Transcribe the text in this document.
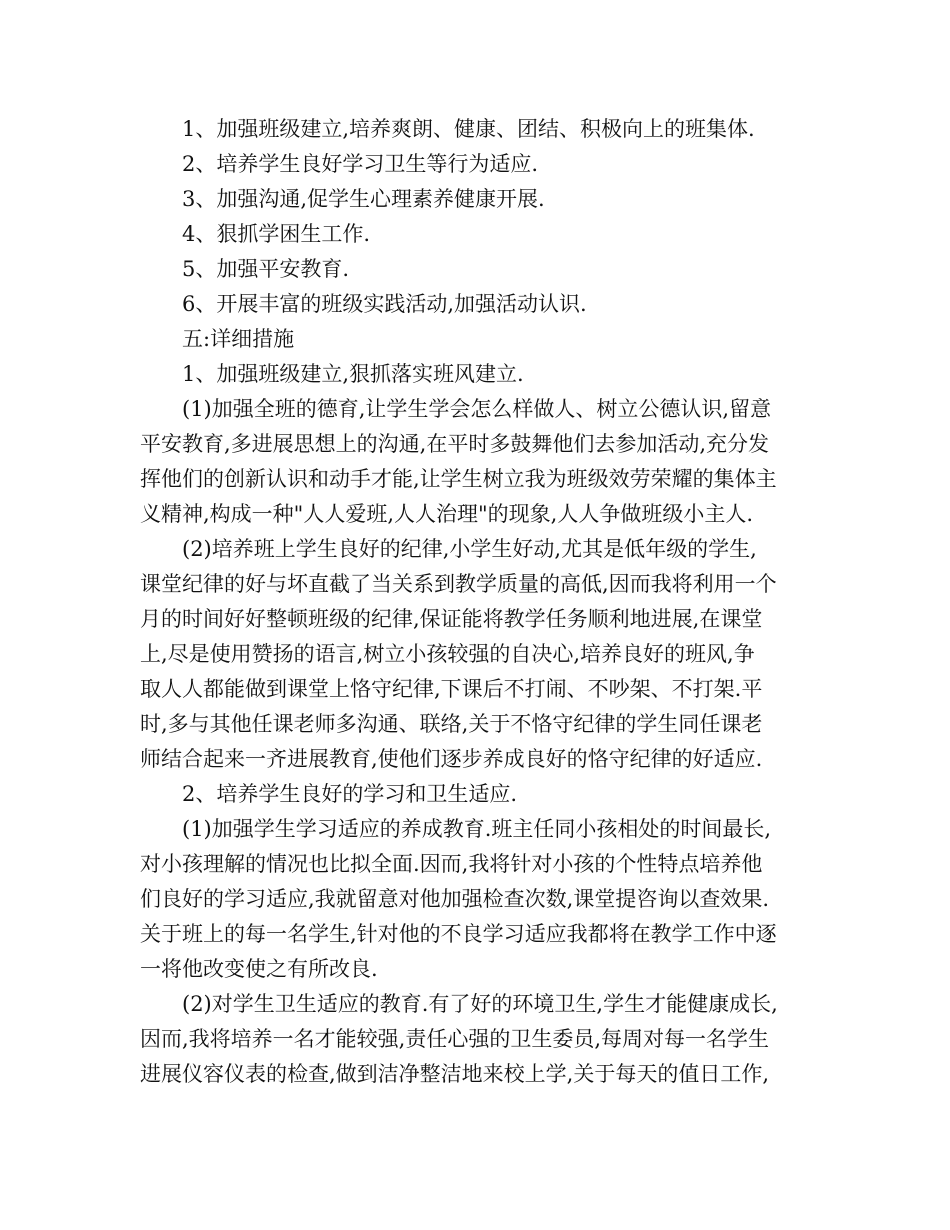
1、加强班级建立,培养爽朗、健康、团结、积极向上的班集体.

2、培养学生良好学习卫生等行为适应.

3、加强沟通,促学生心理素养健康开展.

4、狠抓学困生工作.

5、加强平安教育.

6、开展丰富的班级实践活动,加强活动认识.

五:详细措施

1、加强班级建立,狠抓落实班风建立.

(1)加强全班的德育,让学生学会怎么样做人、树立公德认识,留意
平安教育,多进展思想上的沟通,在平时多鼓舞他们去参加活动,充分发
挥他们的创新认识和动手才能,让学生树立我为班级效劳荣耀的集体主
义精神,构成一种"人人爱班,人人治理"的现象,人人争做班级小主人.

(2)培养班上学生良好的纪律,小学生好动,尤其是低年级的学生,
课堂纪律的好与坏直截了当关系到教学质量的高低,因而我将利用一个
月的时间好好整顿班级的纪律,保证能将教学任务顺利地进展,在课堂
上,尽是使用赞扬的语言,树立小孩较强的自决心,培养良好的班风,争
取人人都能做到课堂上恪守纪律,下课后不打闹、不吵架、不打架.平
时,多与其他任课老师多沟通、联络,关于不恪守纪律的学生同任课老
师结合起来一齐进展教育,使他们逐步养成良好的恪守纪律的好适应.

2、培养学生良好的学习和卫生适应.

(1)加强学生学习适应的养成教育.班主任同小孩相处的时间最长,
对小孩理解的情况也比拟全面.因而,我将针对小孩的个性特点培养他
们良好的学习适应,我就留意对他加强检查次数,课堂提咨询以查效果.
关于班上的每一名学生,针对他的不良学习适应我都将在教学工作中逐
一将他改变使之有所改良.

(2)对学生卫生适应的教育.有了好的环境卫生,学生才能健康成长,
因而,我将培养一名才能较强,责任心强的卫生委员,每周对每一名学生
进展仪容仪表的检查,做到洁净整洁地来校上学,关于每天的值日工作,
